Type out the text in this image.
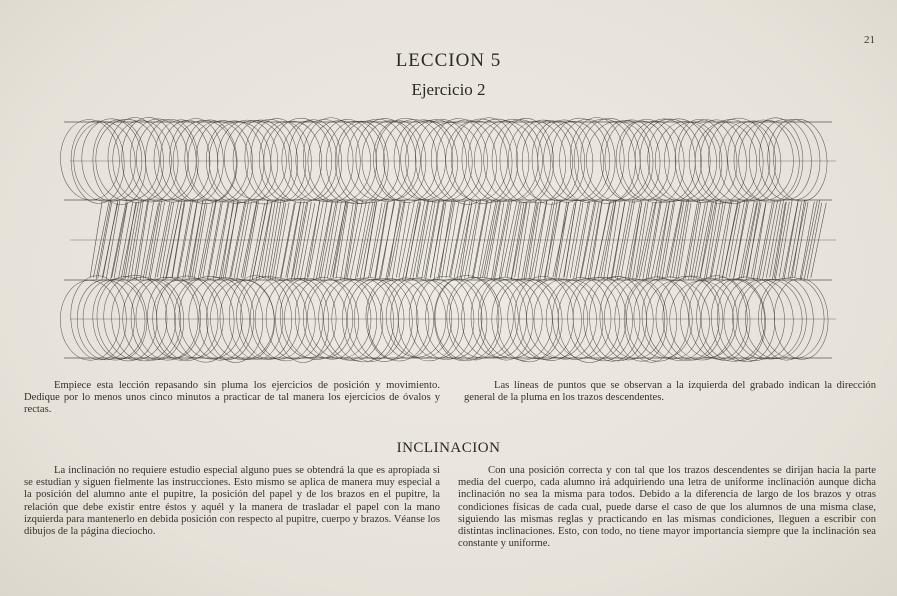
21
LECCION 5
Ejercicio 2

Empiece esta lección repasando sin pluma los ejercicios de posición y movimiento. Dedique por lo menos unos cinco minutos a practicar de tal manera los ejercicios de óvalos y rectas.

Las líneas de puntos que se observan a la izquierda del grabado indican la dirección general de la pluma en los trazos descendentes.

INCLINACION

La inclinación no requiere estudio especial alguno pues se obtendrá la que es apropiada si se estudian y siguen fielmente las instrucciones. Esto mismo se aplica de manera muy especial a la posición del alumno ante el pupitre, la posición del papel y de los brazos en el pupitre, la relación que debe existir entre éstos y aquél y la manera de trasladar el papel con la mano izquierda para mantenerlo en debida posición con respecto al pupitre, cuerpo y brazos. Véanse los dibujos de la página dieciocho.

Con una posición correcta y con tal que los trazos descendentes se dirijan hacia la parte media del cuerpo, cada alumno irá adquiriendo una letra de uniforme inclinación aunque dicha inclinación no sea la misma para todos. Debido a la diferencia de largo de los brazos y otras condiciones físicas de cada cual, puede darse el caso de que los alumnos de una misma clase, siguiendo las mismas reglas y practicando en las mismas condiciones, lleguen a escribir con distintas inclinaciones. Esto, con todo, no tiene mayor importancia siempre que la inclinación sea constante y uniforme.
